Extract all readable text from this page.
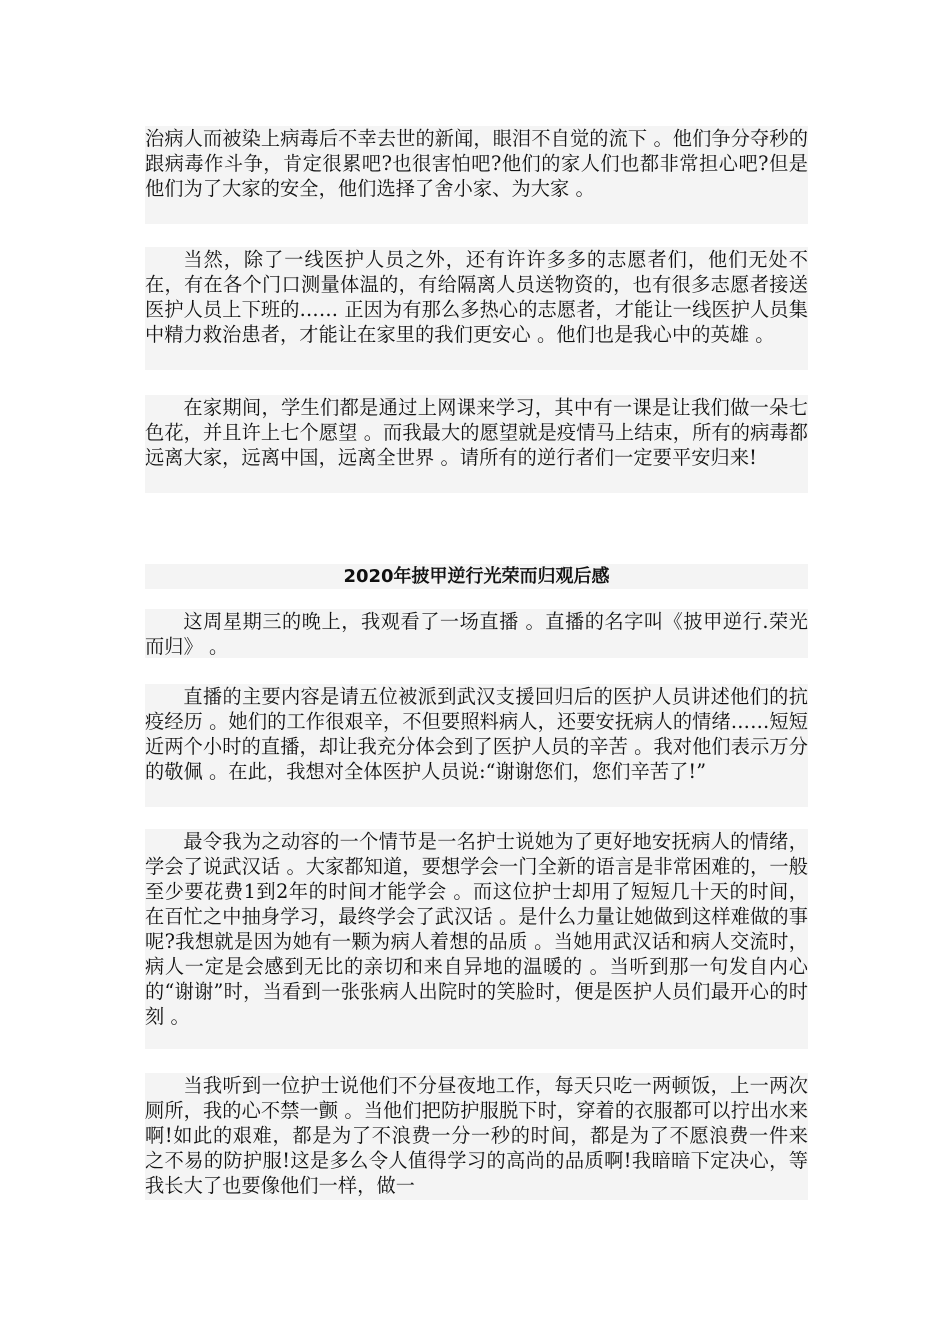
治病人而被染上病毒后不幸去世的新闻，眼泪不自觉的流下 。他们争分夺秒的跟病毒作斗争，肯定很累吧?也很害怕吧?他们的家人们也都非常担心吧?但是他们为了大家的安全，他们选择了舍小家、为大家 。

当然，除了一线医护人员之外，还有许许多多的志愿者们，他们无处不在，有在各个门口测量体温的，有给隔离人员送物资的，也有很多志愿者接送医护人员上下班的…… 正因为有那么多热心的志愿者，才能让一线医护人员集中精力救治患者，才能让在家里的我们更安心 。他们也是我心中的英雄 。

在家期间，学生们都是通过上网课来学习，其中有一课是让我们做一朵七色花，并且许上七个愿望 。而我最大的愿望就是疫情马上结束，所有的病毒都远离大家，远离中国，远离全世界 。请所有的逆行者们一定要平安归来!

2020年披甲逆行光荣而归观后感

这周星期三的晚上，我观看了一场直播 。直播的名字叫《披甲逆行.荣光而归》 。

直播的主要内容是请五位被派到武汉支援回归后的医护人员讲述他们的抗疫经历 。她们的工作很艰辛，不但要照料病人，还要安抚病人的情绪……短短近两个小时的直播，却让我充分体会到了医护人员的辛苦 。我对他们表示万分的敬佩 。在此，我想对全体医护人员说:“谢谢您们，您们辛苦了!”

最令我为之动容的一个情节是一名护士说她为了更好地安抚病人的情绪，学会了说武汉话 。大家都知道，要想学会一门全新的语言是非常困难的，一般至少要花费1到2年的时间才能学会 。而这位护士却用了短短几十天的时间，在百忙之中抽身学习，最终学会了武汉话 。是什么力量让她做到这样难做的事呢?我想就是因为她有一颗为病人着想的品质 。当她用武汉话和病人交流时，病人一定是会感到无比的亲切和来自异地的温暖的 。当听到那一句发自内心的“谢谢”时，当看到一张张病人出院时的笑脸时，便是医护人员们最开心的时刻 。

当我听到一位护士说他们不分昼夜地工作，每天只吃一两顿饭，上一两次厕所，我的心不禁一颤 。当他们把防护服脱下时，穿着的衣服都可以拧出水来啊!如此的艰难，都是为了不浪费一分一秒的时间，都是为了不愿浪费一件来之不易的防护服!这是多么令人值得学习的高尚的品质啊!我暗暗下定决心，等我长大了也要像他们一样，做一
